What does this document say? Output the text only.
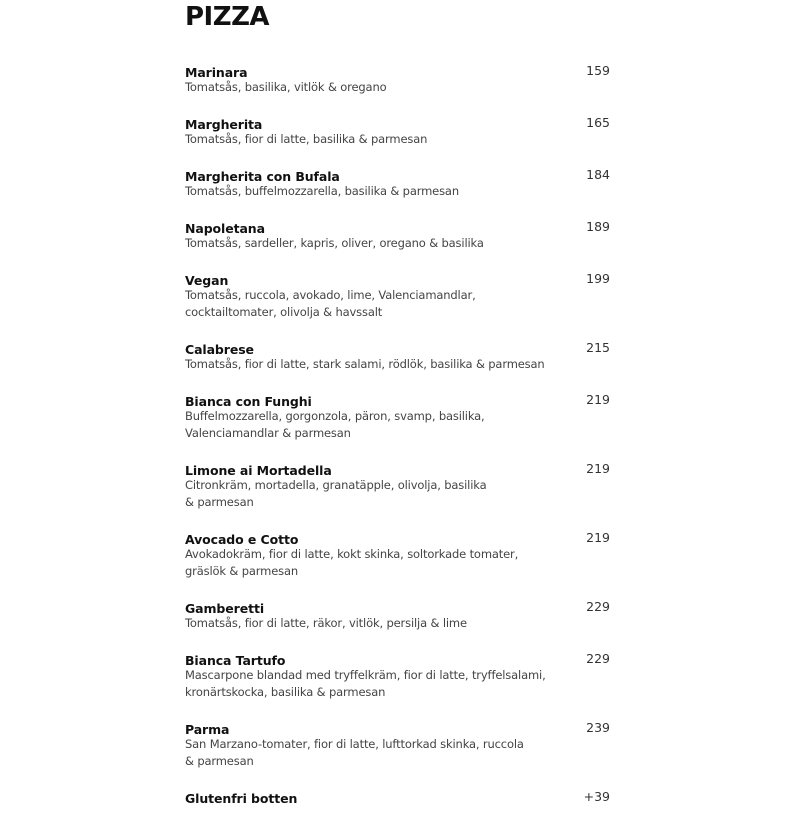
PIZZA
Marinara	159

Tomatsås, basilika, vitlök & oregano

Margherita	165

Tomatsås, fior di latte, basilika & parmesan

Margherita con Bufala	184

Tomatsås, buffelmozzarella, basilika & parmesan

Napoletana	189

Tomatsås, sardeller, kapris, oliver, oregano & basilika

Vegan	199

Tomatsås, ruccola, avokado, lime, Valenciamandlar,
cocktailtomater, olivolja & havssalt

Calabrese	215

Tomatsås, fior di latte, stark salami, rödlök, basilika & parmesan

Bianca con Funghi	219

Buffelmozzarella, gorgonzola, päron, svamp, basilika,
Valenciamandlar & parmesan

Limone ai Mortadella	219

Citronkräm, mortadella, granatäpple, olivolja, basilika
& parmesan

Avocado e Cotto	219

Avokadokräm, fior di latte, kokt skinka, soltorkade tomater,
gräslök & parmesan

Gamberetti	229

Tomatsås, fior di latte, räkor, vitlök, persilja & lime

Bianca Tartufo	229

Mascarpone blandad med tryffelkräm, fior di latte, tryffelsalami,
kronärtskocka, basilika & parmesan

Parma	239

San Marzano-tomater, fior di latte, lufttorkad skinka, ruccola
& parmesan

Glutenfri botten	+39
